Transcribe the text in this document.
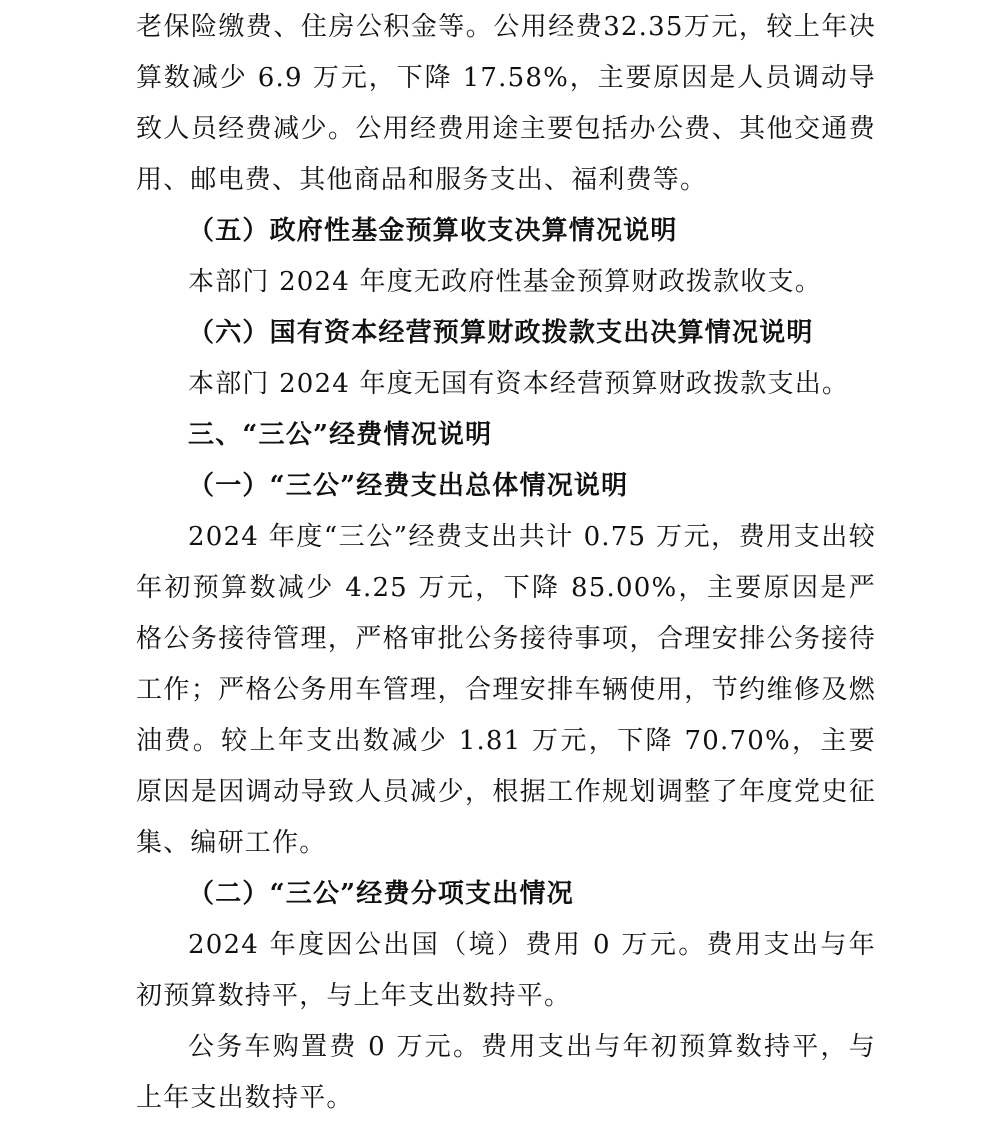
老保险缴费、住房公积金等。公用经费32.35万元，较上年决算数减少 6.9 万元，下降 17.58%，主要原因是人员调动导致人员经费减少。公用经费用途主要包括办公费、其他交通费用、邮电费、其他商品和服务支出、福利费等。

（五）政府性基金预算收支决算情况说明

本部门 2024 年度无政府性基金预算财政拨款收支。

（六）国有资本经营预算财政拨款支出决算情况说明

本部门 2024 年度无国有资本经营预算财政拨款支出。

三、“三公”经费情况说明

（一）“三公”经费支出总体情况说明

2024 年度“三公”经费支出共计 0.75 万元，费用支出较年初预算数减少 4.25 万元，下降 85.00%，主要原因是严格公务接待管理，严格审批公务接待事项，合理安排公务接待工作；严格公务用车管理，合理安排车辆使用，节约维修及燃油费。较上年支出数减少 1.81 万元，下降 70.70%，主要原因是因调动导致人员减少，根据工作规划调整了年度党史征集、编研工作。

（二）“三公”经费分项支出情况

2024 年度因公出国（境）费用 0 万元。费用支出与年初预算数持平，与上年支出数持平。

公务车购置费 0 万元。费用支出与年初预算数持平，与上年支出数持平。
